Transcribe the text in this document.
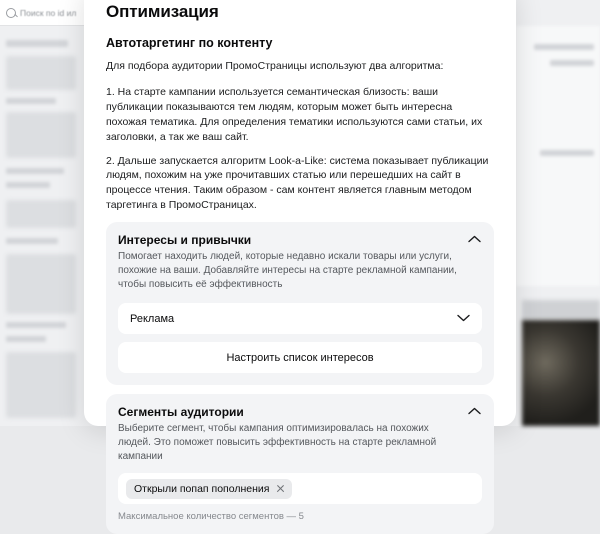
Поиск по id ил Оптимизация
Автотаргетинг по контенту

Для подбора аудитории ПромоСтраницы используют два алгоритма:

1. На старте кампании используется семантическая близость: ваши публикации показываются тем людям, которым может быть интересна похожая тематика. Для определения тематики используются сами статьи, их заголовки, а так же ваш сайт.

2. Дальше запускается алгоритм Look-a-Like: система показывает публикации людям, похожим на уже прочитавших статью или перешедших на сайт в процессе чтения. Таким образом - сам контент является главным методом таргетинга в ПромоСтраницах.

Интересы и привычки

Помогает находить людей, которые недавно искали товары или услуги, похожие на ваши. Добавляйте интересы на старте рекламной кампании, чтобы повысить её эффективность

Реклама
Настроить список интересов
Сегменты аудитории

Выберите сегмент, чтобы кампания оптимизировалась на похожих людей. Это поможет повысить эффективность на старте рекламной кампании

Открыли попап пополнения

Максимальное количество сегментов — 5
